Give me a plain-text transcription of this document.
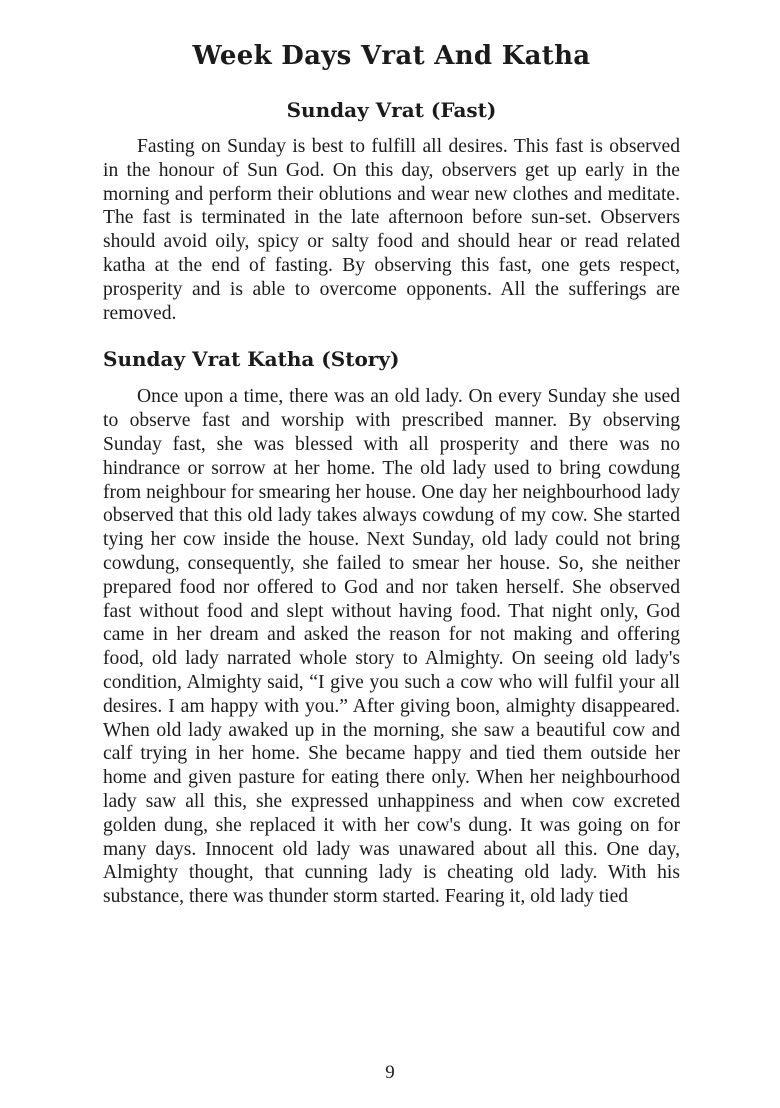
Week Days Vrat And Katha
Sunday Vrat (Fast)

Fasting on Sunday is best to fulfill all desires. This fast is observed in the honour of Sun God. On this day, observers get up early in the morning and perform their oblutions and wear new clothes and meditate. The fast is terminated in the late afternoon before sun-set. Observers should avoid oily, spicy or salty food and should hear or read related katha at the end of fasting. By observing this fast, one gets respect, prosperity and is able to overcome opponents. All the sufferings are removed.

Sunday Vrat Katha (Story)

Once upon a time, there was an old lady. On every Sunday she used to observe fast and worship with prescribed manner. By observing Sunday fast, she was blessed with all prosperity and there was no hindrance or sorrow at her home. The old lady used to bring cowdung from neighbour for smearing her house. One day her neighbourhood lady observed that this old lady takes always cowdung of my cow. She started tying her cow inside the house. Next Sunday, old lady could not bring cowdung, consequently, she failed to smear her house. So, she neither prepared food nor offered to God and nor taken herself. She observed fast without food and slept without having food. That night only, God came in her dream and asked the reason for not making and offering food, old lady narrated whole story to Almighty. On seeing old lady's condition, Almighty said, “I give you such a cow who will fulfil your all desires. I am happy with you.” After giving boon, almighty disappeared. When old lady awaked up in the morning, she saw a beautiful cow and calf trying in her home. She became happy and tied them outside her home and given pasture for eating there only. When her neighbourhood lady saw all this, she expressed unhappiness and when cow excreted golden dung, she replaced it with her cow's dung. It was going on for many days. Innocent old lady was unawared about all this. One day, Almighty thought, that cunning lady is cheating old lady. With his substance, there was thunder storm started. Fearing it, old lady tied

9
